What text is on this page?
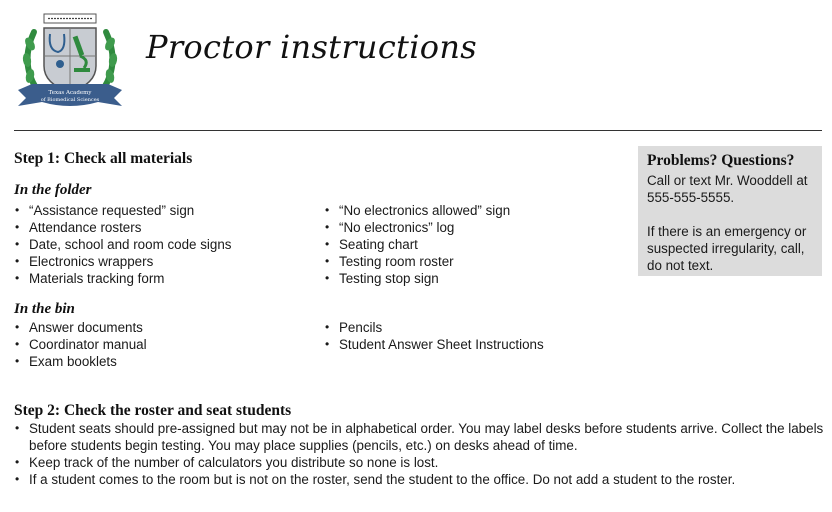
Texas Academy
of Biomedical Sciences
Proctor instructions
Step 1: Check all materials
In the folder
• “Assistance requested” sign
• Attendance rosters
• Date, school and room code signs
• Electronics wrappers
• Materials tracking form
• “No electronics allowed” sign
• “No electronics” log
• Seating chart
• Testing room roster
• Testing stop sign
In the bin
• Answer documents
• Coordinator manual
• Exam booklets
• Pencils
• Student Answer Sheet Instructions
Step 2: Check the roster and seat students
• Student seats should pre-assigned but may not be in alphabetical order. You may label desks before students arrive. Collect the labels before students begin testing. You may place supplies (pencils, etc.) on desks ahead of time.
• Keep track of the number of calculators you distribute so none is lost.
• If a student comes to the room but is not on the roster, send the student to the office. Do not add a student to the roster.
Problems? Questions?

Call or text Mr. Wooddell at 555-555-5555.

If there is an emergency or suspected irregularity, call, do not text.
